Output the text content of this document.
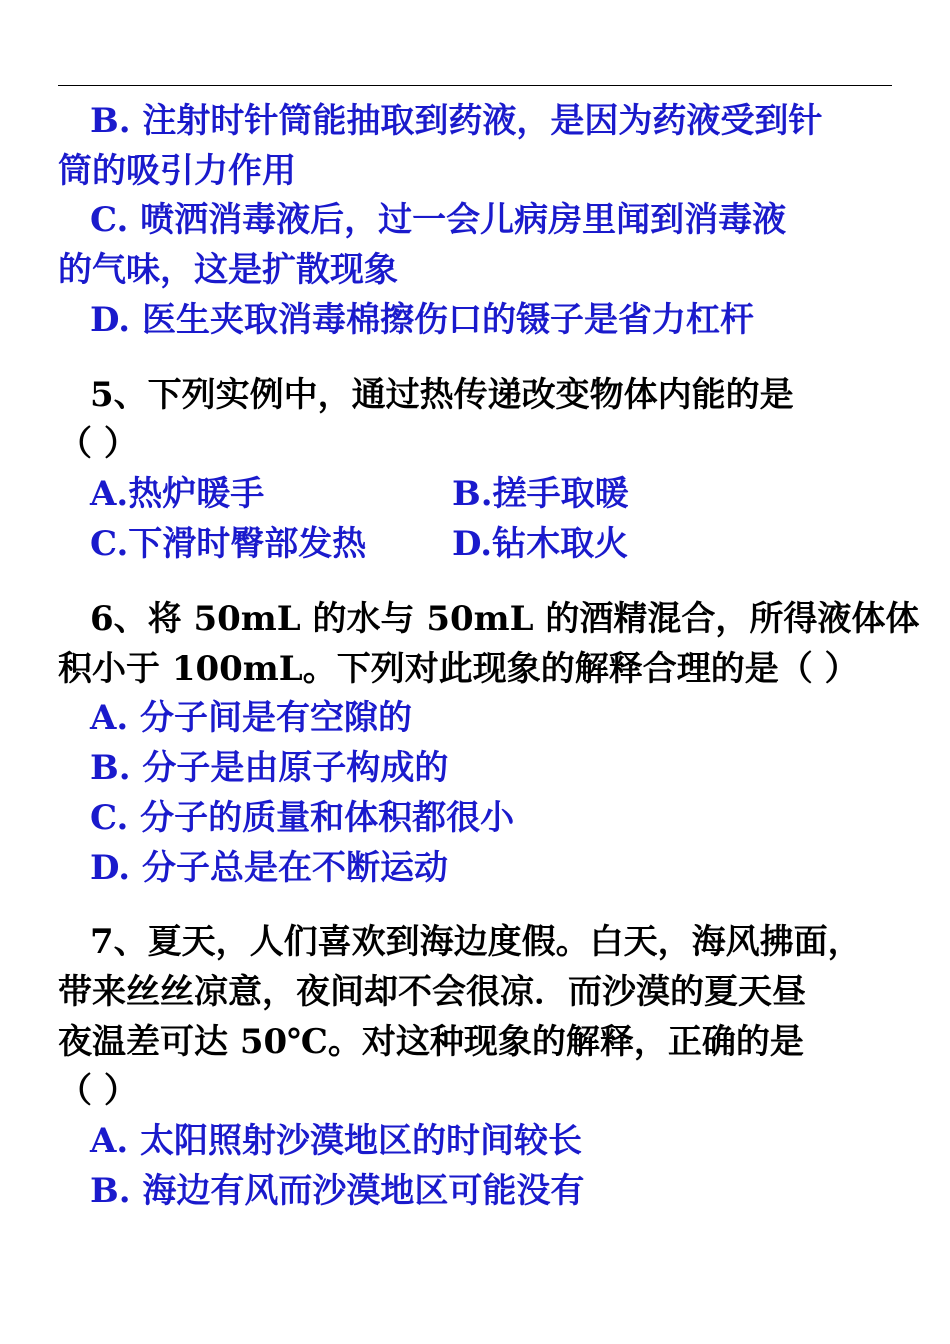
B. 注射时针筒能抽取到药液，是因为药液受到针
筒的吸引力作用
C. 喷洒消毒液后，过一会儿病房里闻到消毒液
的气味，这是扩散现象
D. 医生夹取消毒棉擦伤口的镊子是省力杠杆
5、下列实例中，通过热传递改变物体内能的是
（ ）
A.热炉暖手	B.搓手取暖
C.下滑时臀部发热	D.钻木取火
6、将 50mL 的水与 50mL 的酒精混合，所得液体体
积小于 100mL。下列对此现象的解释合理的是（ ）
A. 分子间是有空隙的
B. 分子是由原子构成的
C. 分子的质量和体积都很小
D. 分子总是在不断运动
7、夏天，人们喜欢到海边度假。白天，海风拂面，
带来丝丝凉意，夜间却不会很凉．而沙漠的夏天昼
夜温差可达 50℃。对这种现象的解释，正确的是
（ ）
A. 太阳照射沙漠地区的时间较长
B. 海边有风而沙漠地区可能没有
